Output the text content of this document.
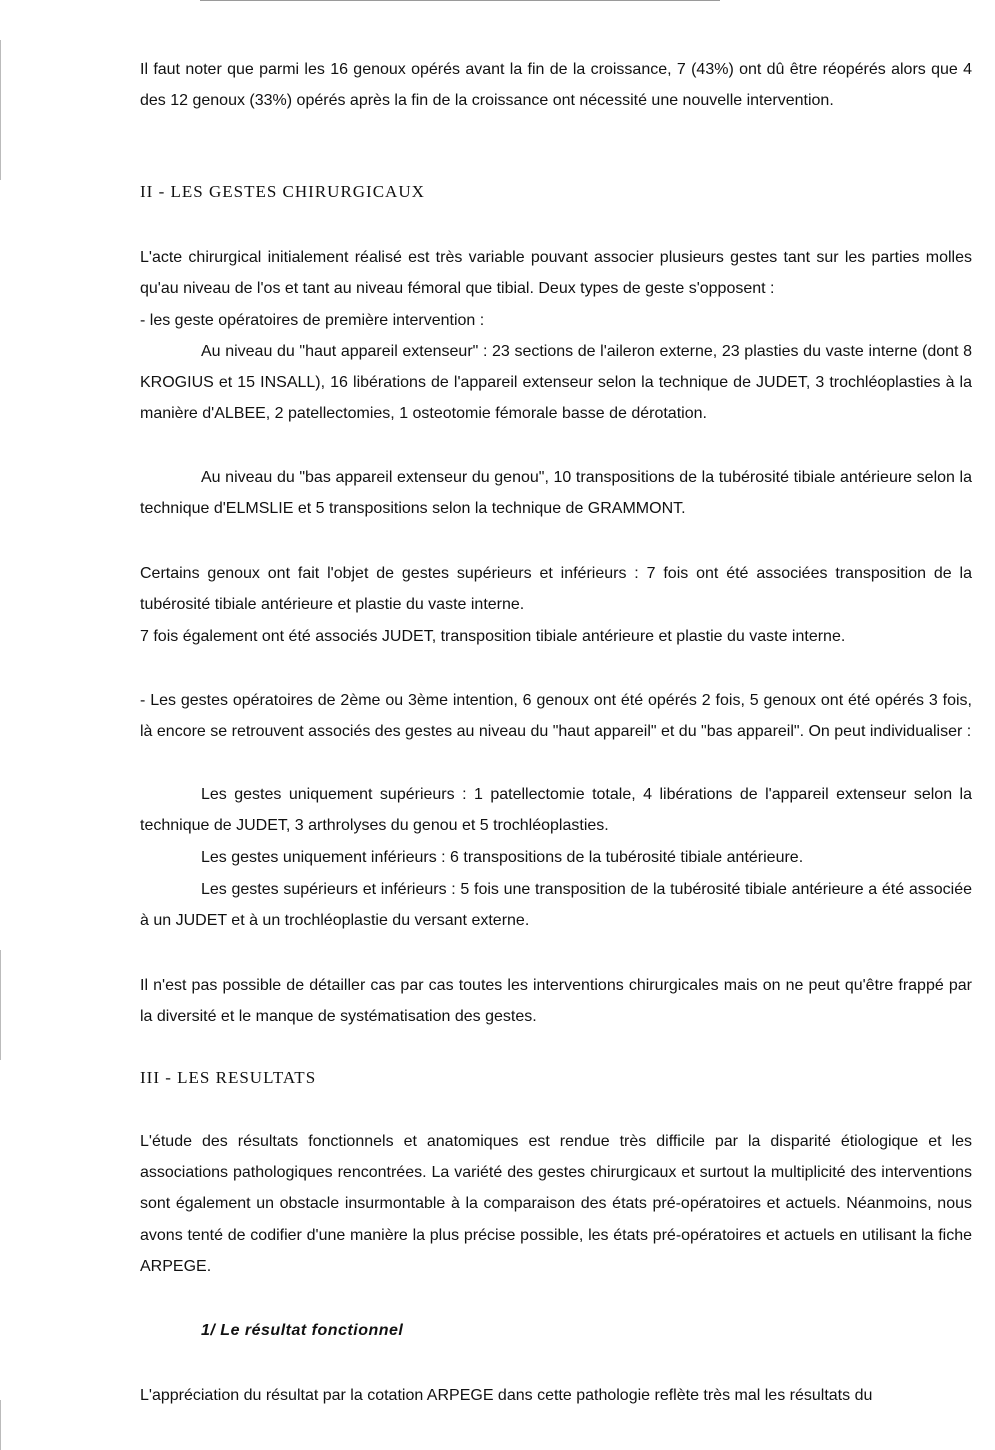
Il faut noter que parmi les 16 genoux opérés avant la fin de la croissance, 7 (43%) ont dû être réopérés alors que 4 des 12 genoux (33%) opérés après la fin de la croissance ont nécessité une nouvelle intervention.

II - LES GESTES CHIRURGICAUX

L'acte chirurgical initialement réalisé est très variable pouvant associer plusieurs gestes tant sur les parties molles qu'au niveau de l'os et tant au niveau fémoral que tibial. Deux types de geste s'opposent :

- les geste opératoires de première intervention :

Au niveau du "haut appareil extenseur" : 23 sections de l'aileron externe, 23 plasties du vaste interne (dont 8 KROGIUS et 15 INSALL), 16 libérations de l'appareil extenseur selon la technique de JUDET, 3 trochléoplasties à la manière d'ALBEE, 2 patellectomies, 1 osteotomie fémorale basse de dérotation.

Au niveau du "bas appareil extenseur du genou", 10 transpositions de la tubérosité tibiale antérieure selon la technique d'ELMSLIE et 5 transpositions selon la technique de GRAMMONT.

Certains genoux ont fait l'objet de gestes supérieurs et inférieurs : 7 fois ont été associées transposition de la tubérosité tibiale antérieure et plastie du vaste interne.

7 fois également ont été associés JUDET, transposition tibiale antérieure et plastie du vaste interne.

- Les gestes opératoires de 2ème ou 3ème intention, 6 genoux ont été opérés 2 fois, 5 genoux ont été opérés 3 fois, là encore se retrouvent associés des gestes au niveau du "haut appareil" et du "bas appareil". On peut individualiser :

Les gestes uniquement supérieurs : 1 patellectomie totale, 4 libérations de l'appareil extenseur selon la technique de JUDET, 3 arthrolyses du genou et 5 trochléoplasties.

Les gestes uniquement inférieurs : 6 transpositions de la tubérosité tibiale antérieure.

Les gestes supérieurs et inférieurs : 5 fois une transposition de la tubérosité tibiale antérieure a été associée à un JUDET et à un trochléoplastie du versant externe.

Il n'est pas possible de détailler cas par cas toutes les interventions chirurgicales mais on ne peut qu'être frappé par la diversité et le manque de systématisation des gestes.

III - LES RESULTATS

L'étude des résultats fonctionnels et anatomiques est rendue très difficile par la disparité étiologique et les associations pathologiques rencontrées. La variété des gestes chirurgicaux et surtout la multiplicité des interventions sont également un obstacle insurmontable à la comparaison des états pré-opératoires et actuels. Néanmoins, nous avons tenté de codifier d'une manière la plus précise possible, les états pré-opératoires et actuels en utilisant la fiche ARPEGE.

1/ Le résultat fonctionnel

L'appréciation du résultat par la cotation ARPEGE dans cette pathologie reflète très mal les résultats du
